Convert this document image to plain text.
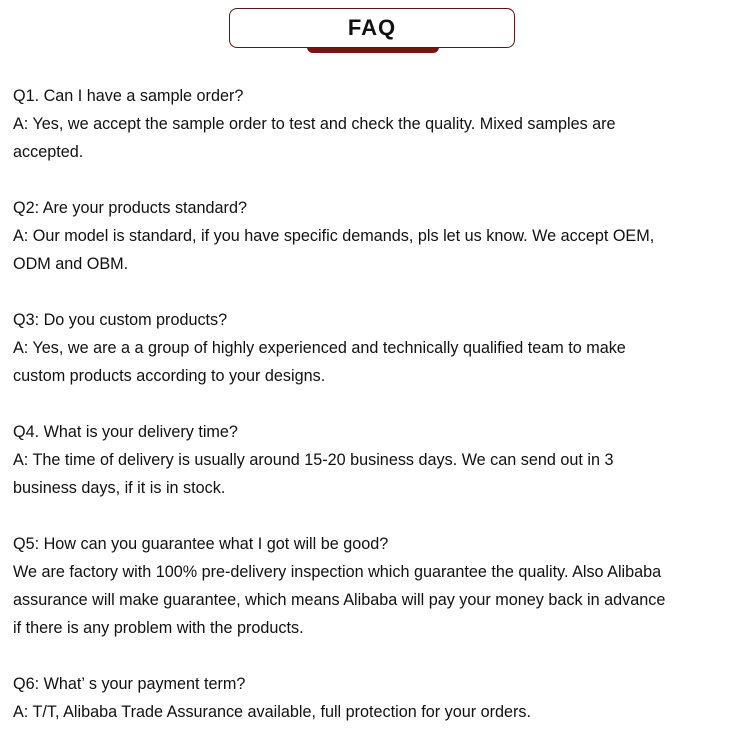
FAQ
Q1. Can I have a sample order?
A: Yes, we accept the sample order to test and check the quality. Mixed samples are
accepted.
Q2: Are your products standard?
A: Our model is standard, if you have specific demands, pls let us know. We accept OEM,
ODM and OBM.
Q3: Do you custom products?
A: Yes, we are a a group of highly experienced and technically qualified team to make
custom products according to your designs.
Q4. What is your delivery time?
A: The time of delivery is usually around 15-20 business days. We can send out in 3
business days, if it is in stock.
Q5: How can you guarantee what I got will be good?
We are factory with 100% pre-delivery inspection which guarantee the quality. Also Alibaba
assurance will make guarantee, which means Alibaba will pay your money back in advance
if there is any problem with the products.
Q6: What’ s your payment term?
A: T/T, Alibaba Trade Assurance available, full protection for your orders.
